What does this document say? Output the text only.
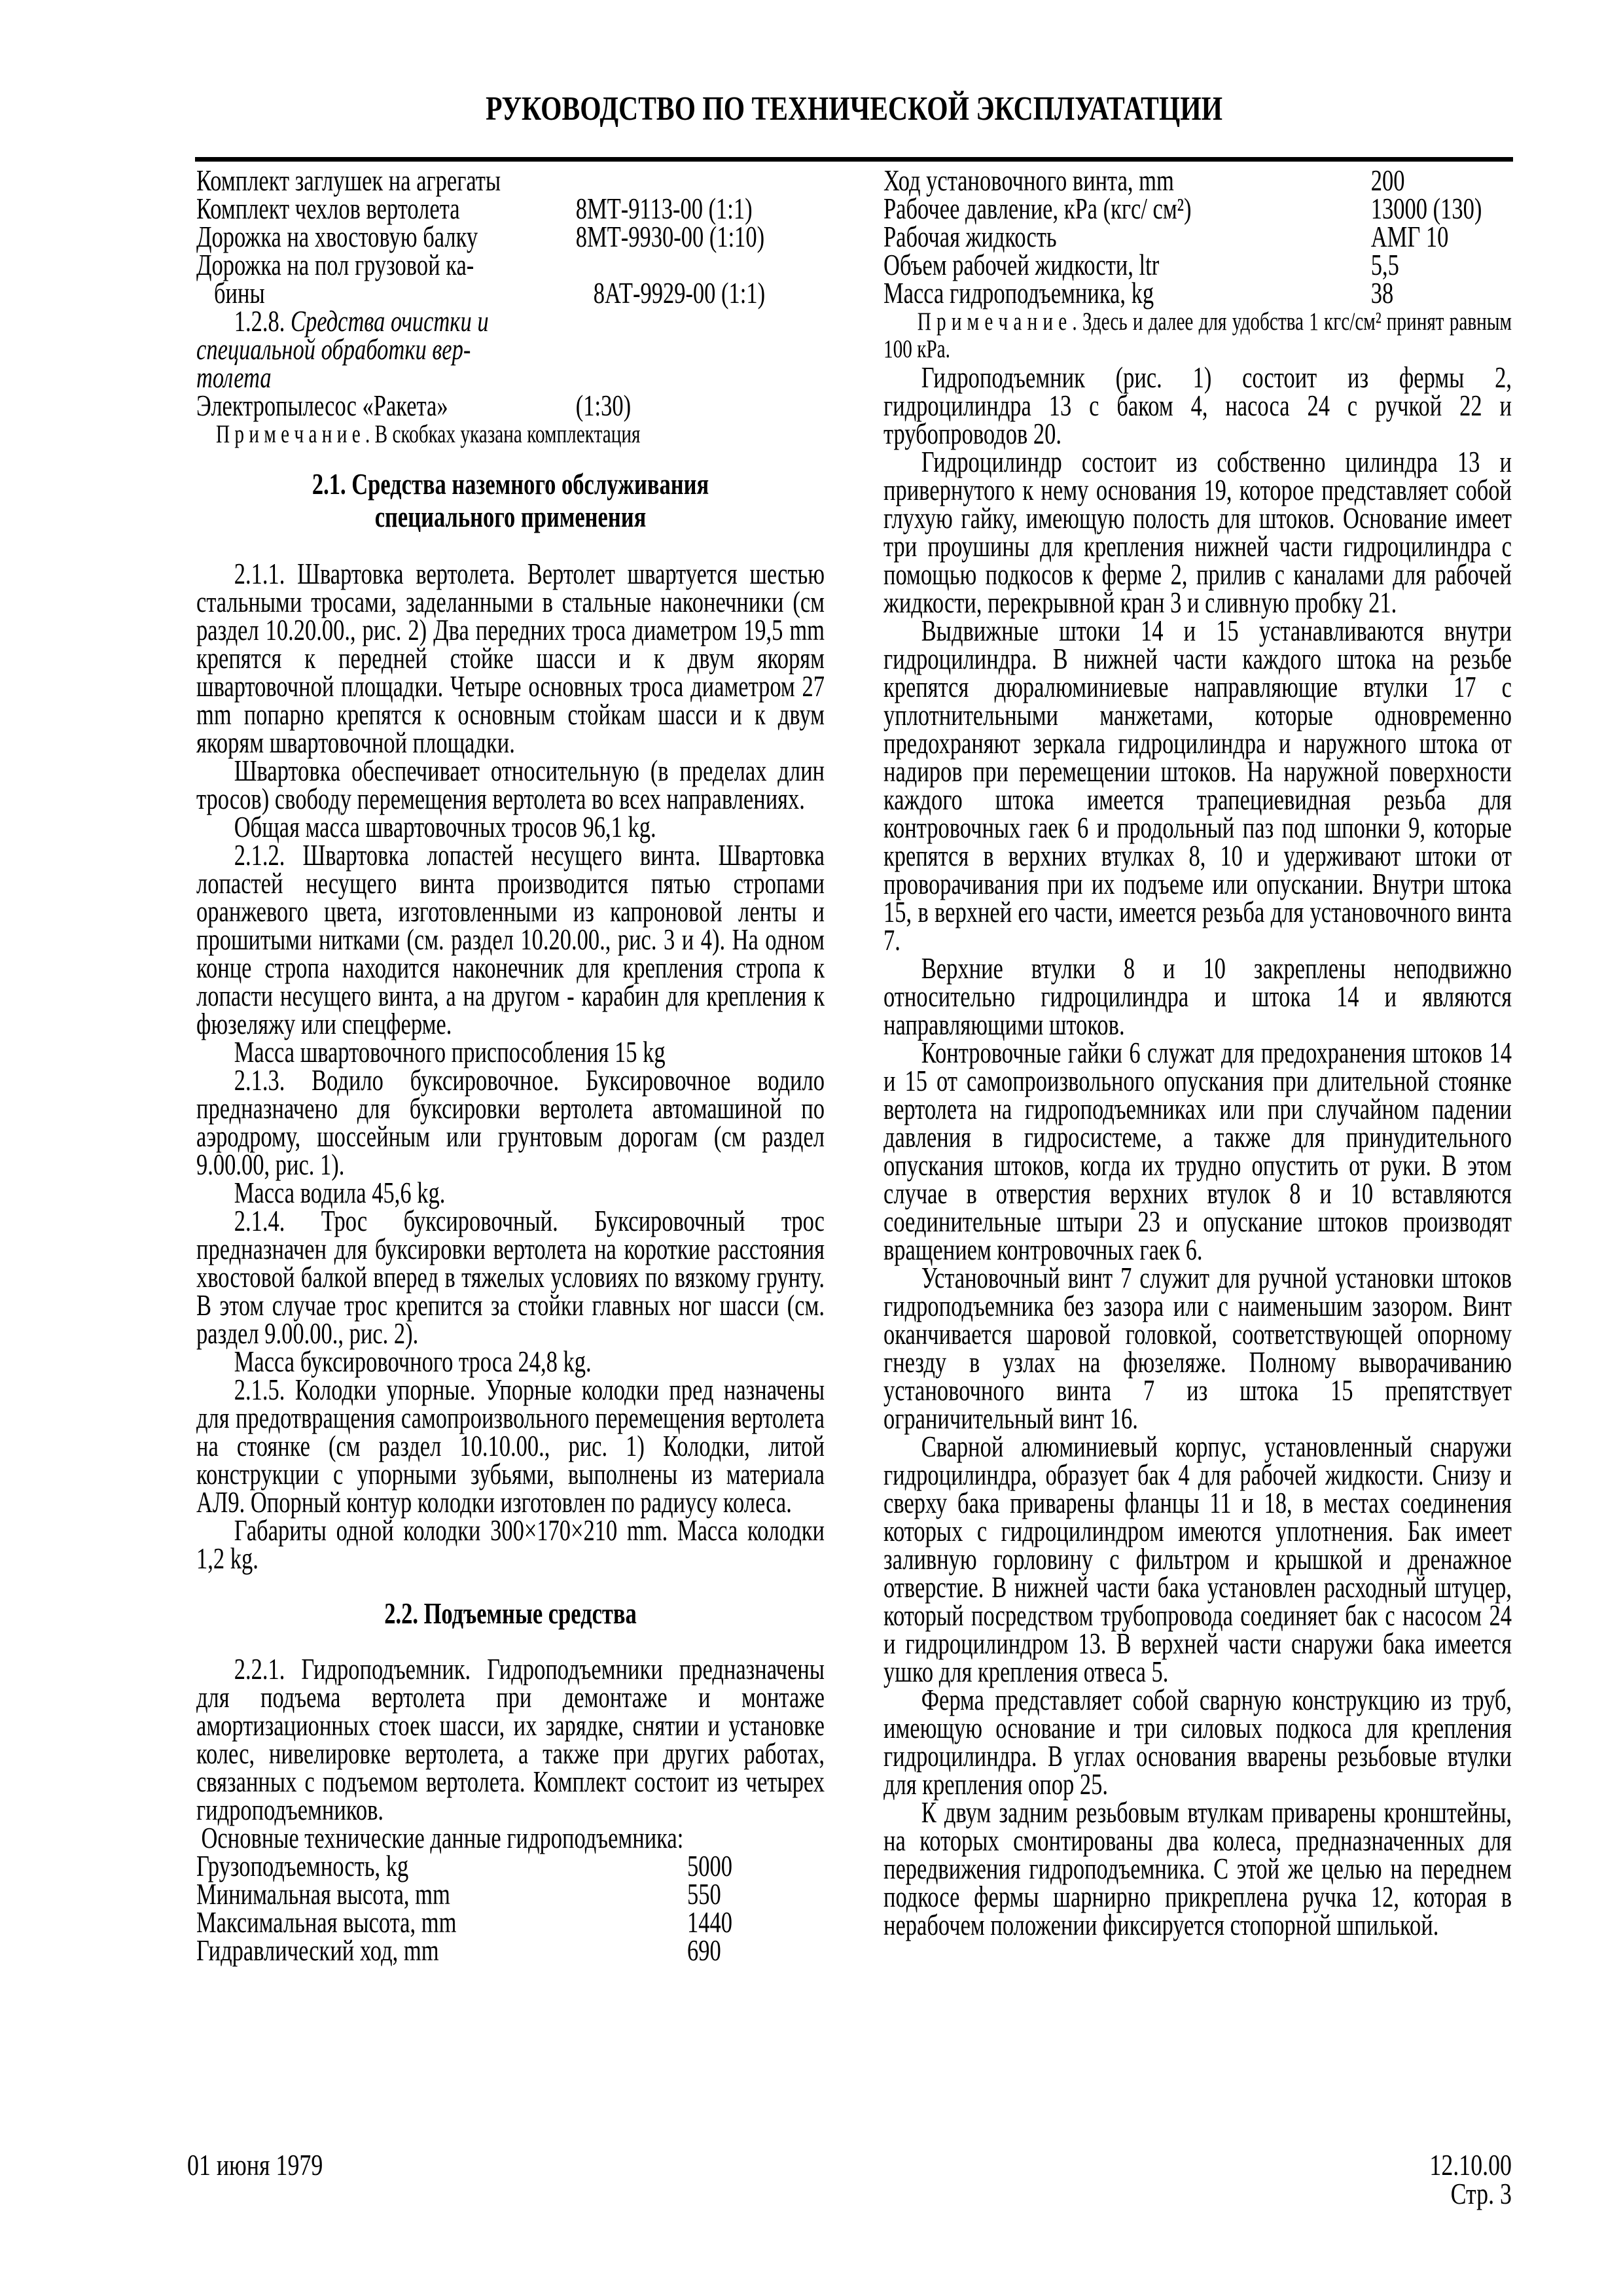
РУКОВОДСТВО ПО ТЕХНИЧЕСКОЙ ЭКСПЛУАТАТЦИИ
Комплект заглушек на агрегаты
Комплект чехлов вертолета	8МТ-9113-00 (1:1)
Дорожка на хвостовую балку	8МТ-9930-00 (1:10)
Дорожка на пол грузовой ка-
бины	8АТ-9929-00 (1:1)
1.2.8. Средства очистки и
специальной обработки вер-
толета
Электропылесос «Ракета»	(1:30)

П р и м е ч а н и е . В скобках указана комплектация

2.1. Средства наземного обслуживания
специального применения

2.1.1. Швартовка вертолета. Вертолет швартуется шестью стальными тросами, заделанными в стальные наконечники (см раздел 10.20.00., рис. 2) Два передних троса диаметром 19,5 mm крепятся к передней стойке шасси и к двум якорям швартовочной площадки. Четыре основных троса диаметром 27 mm попарно крепятся к основным стойкам шасси и к двум якорям швартовочной площадки.

Швартовка обеспечивает относительную (в пределах длин тросов) свободу перемещения вертолета во всех направлениях.

Общая масса швартовочных тросов 96,1 kg.

2.1.2. Швартовка лопастей несущего винта. Швартовка лопастей несущего винта производится пятью стропами оранжевого цвета, изготовленными из капроновой ленты и прошитыми нитками (см. раздел 10.20.00., рис. 3 и 4). На одном конце стропа находится наконечник для крепления стропа к лопасти несущего винта, а на другом - карабин для крепления к фюзеляжу или спецферме.

Масса швартовочного приспособления 15 kg

2.1.3. Водило буксировочное. Буксировочное водило предназначено для буксировки вертолета автомашиной по аэродрому, шоссейным или грунтовым дорогам (см раздел 9.00.00, рис. 1).

Масса водила 45,6 kg.

2.1.4. Трос буксировочный. Буксировочный трос предназначен для буксировки вертолета на короткие расстояния хвостовой балкой вперед в тяжелых условиях по вязкому грунту. В этом случае трос крепится за стойки главных ног шасси (см. раздел 9.00.00., рис. 2).

Масса буксировочного троса 24,8 kg.

2.1.5. Колодки упорные. Упорные колодки пред назначены для предотвращения самопроизвольного перемещения вертолета на стоянке (см раздел 10.10.00., рис. 1) Колодки, литой конструкции с упорными зубьями, выполнены из материала АЛ9. Опорный контур колодки изготовлен по радиусу колеса.

Габариты одной колодки 300×170×210 mm. Масса колодки 1,2 kg.

2.2. Подъемные средства

2.2.1. Гидроподъемник. Гидроподъемники предназначены для подъема вертолета при демонтаже и монтаже амортизационных стоек шасси, их зарядке, снятии и установке колес, нивелировке вертолета, а также при других работах, связанных с подъемом вертолета. Комплект состоит из четырех гидроподъемников.

Основные технические данные гидроподъемника:

Грузоподъемность, kg	5000
Минимальная высота, mm	550
Максимальная высота, mm	1440
Гидравлический ход, mm	690
Ход установочного винта, mm	200
Рабочее давление, кРа (кгс/ см²)	13000 (130)
Рабочая жидкость	АМГ 10
Объем рабочей жидкости, ltr	5,5
Масса гидроподъемника, kg	38

П р и м е ч а н и е . Здесь и далее для удобства 1 кгс/см² принят равным 100 кРа.

Гидроподъемник (рис. 1) состоит из фермы 2, гидроцилиндра 13 с баком 4, насоса 24 с ручкой 22 и трубопроводов 20.

Гидроцилиндр состоит из собственно цилиндра 13 и привернутого к нему основания 19, которое представляет собой глухую гайку, имеющую полость для штоков. Основание имеет три проушины для крепления нижней части гидроцилиндра с помощью подкосов к ферме 2, прилив с каналами для рабочей жидкости, перекрывной кран 3 и сливную пробку 21.

Выдвижные штоки 14 и 15 устанавливаются внутри гидроцилиндра. В нижней части каждого штока на резьбе крепятся дюралюминиевые направляющие втулки 17 с уплотнительными манжетами, которые одновременно предохраняют зеркала гидроцилиндра и наружного штока от надиров при перемещении штоков. На наружной поверхности каждого штока имеется трапециевидная резьба для контровочных гаек 6 и продольный паз под шпонки 9, которые крепятся в верхних втулках 8, 10 и удерживают штоки от проворачивания при их подъеме или опускании. Внутри штока 15, в верхней его части, имеется резьба для установочного винта 7.

Верхние втулки 8 и 10 закреплены неподвижно относительно гидроцилиндра и штока 14 и являются направляющими штоков.

Контровочные гайки 6 служат для предохранения штоков 14 и 15 от самопроизвольного опускания при длительной стоянке вертолета на гидроподъемниках или при случайном падении давления в гидросистеме, а также для принудительного опускания штоков, когда их трудно опустить от руки. В этом случае в отверстия верхних втулок 8 и 10 вставляются соединительные штыри 23 и опускание штоков производят вращением контровочных гаек 6.

Установочный винт 7 служит для ручной установки штоков гидроподъемника без зазора или с наименьшим зазором. Винт оканчивается шаровой головкой, соответствующей опорному гнезду в узлах на фюзеляже. Полному выворачиванию установочного винта 7 из штока 15 препятствует ограничительный винт 16.

Сварной алюминиевый корпус, установленный снаружи гидроцилиндра, образует бак 4 для рабочей жидкости. Снизу и сверху бака приварены фланцы 11 и 18, в местах соединения которых с гидроцилиндром имеются уплотнения. Бак имеет заливную горловину с фильтром и крышкой и дренажное отверстие. В нижней части бака установлен расходный штуцер, который посредством трубопровода соединяет бак с насосом 24 и гидроцилиндром 13. В верхней части снаружи бака имеется ушко для крепления отвеса 5.

Ферма представляет собой сварную конструкцию из труб, имеющую основание и три силовых подкоса для крепления гидроцилиндра. В углах основания вварены резьбовые втулки для крепления опор 25.

К двум задним резьбовым втулкам приварены кронштейны, на которых смонтированы два колеса, предназначенных для передвижения гидроподъемника. С этой же целью на переднем подкосе фермы шарнирно прикреплена ручка 12, которая в нерабочем положении фиксируется стопорной шпилькой.

01 июня 1979	12.10.00
Стр. 3
